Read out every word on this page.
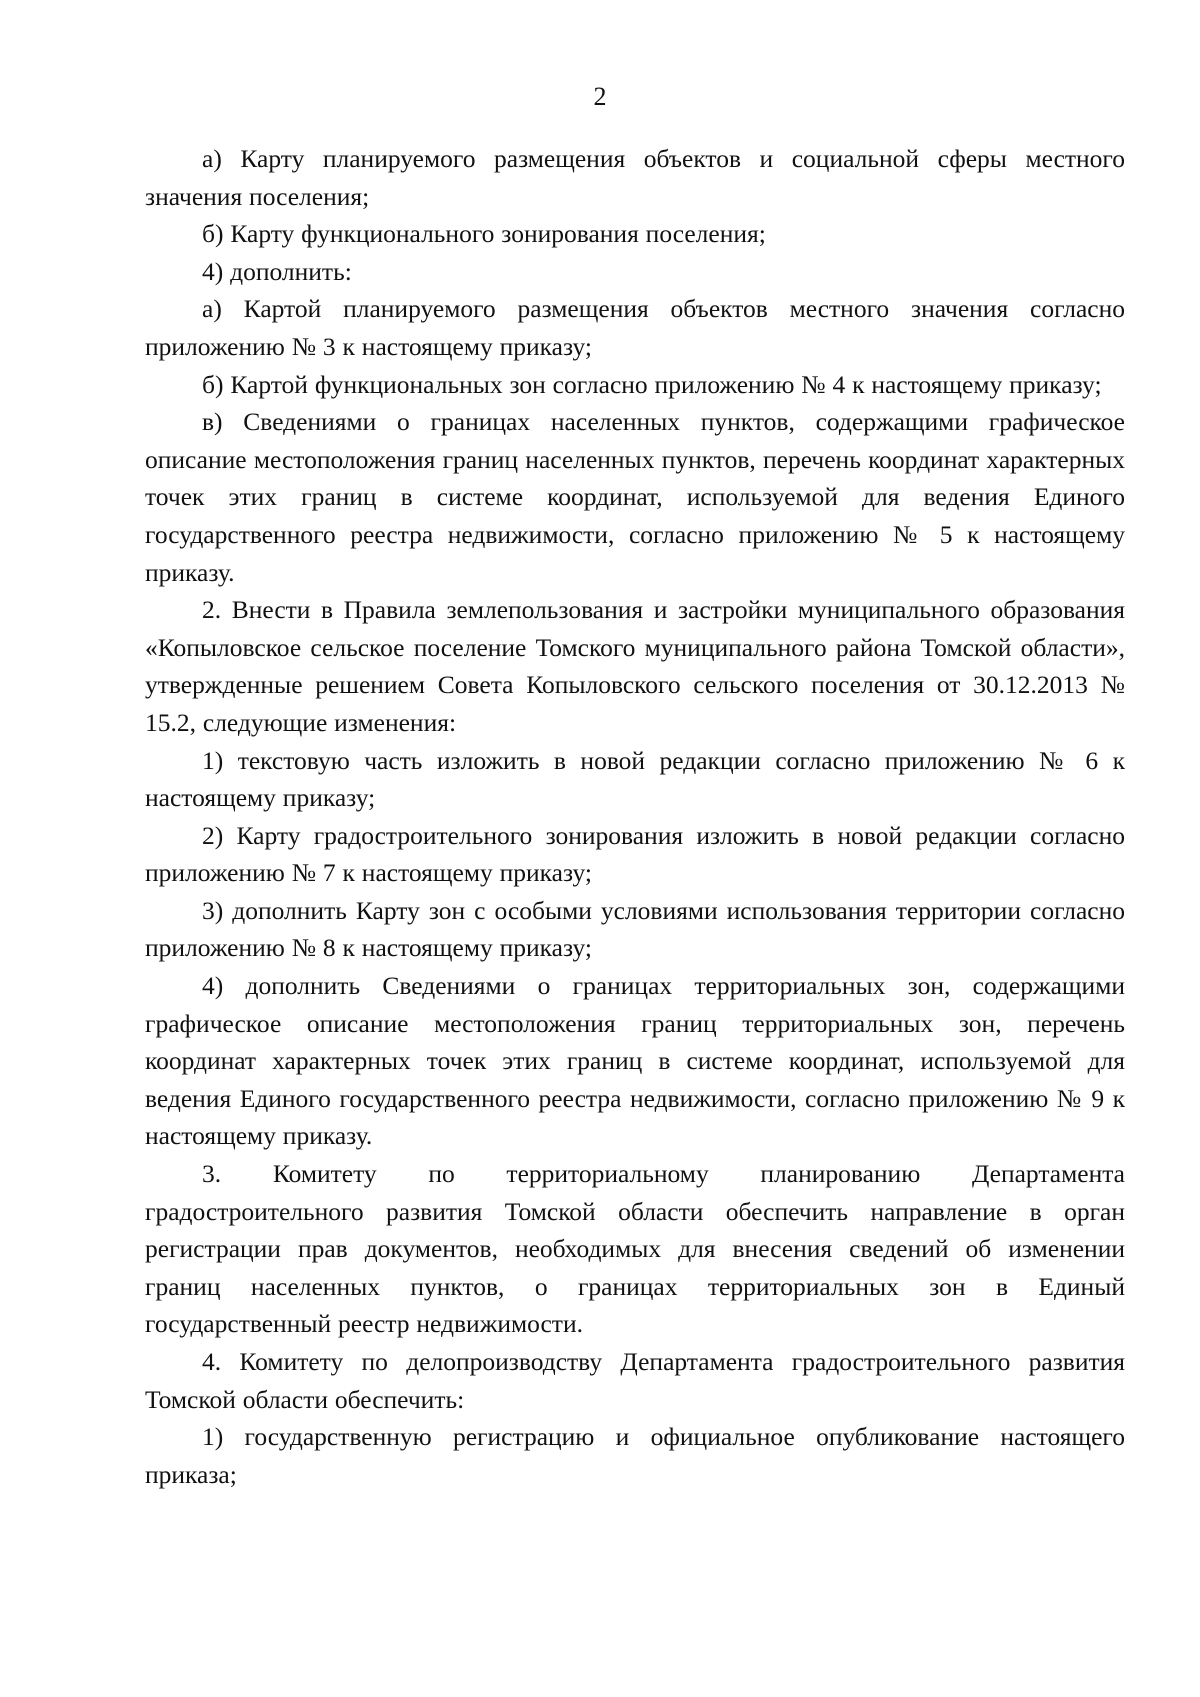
2

а) Карту планируемого размещения объектов и социальной сферы местного значения поселения;

б) Карту функционального зонирования поселения;

4) дополнить:

а) Картой планируемого размещения объектов местного значения согласно приложению № 3 к настоящему приказу;

б) Картой функциональных зон согласно приложению № 4 к настоящему приказу;

в) Сведениями о границах населенных пунктов, содержащими графическое описание местоположения границ населенных пунктов, перечень координат характерных точек этих границ в системе координат, используемой для ведения Единого государственного реестра недвижимости, согласно приложению № 5 к настоящему приказу.

2. Внести в Правила землепользования и застройки муниципального образования «Копыловское сельское поселение Томского муниципального района Томской области», утвержденные решением Совета Копыловского сельского поселения от 30.12.2013 № 15.2, следующие изменения:

1) текстовую часть изложить в новой редакции согласно приложению № 6 к настоящему приказу;

2) Карту градостроительного зонирования изложить в новой редакции согласно приложению № 7 к настоящему приказу;

3) дополнить Карту зон с особыми условиями использования территории согласно приложению № 8 к настоящему приказу;

4) дополнить Сведениями о границах территориальных зон, содержащими графическое описание местоположения границ территориальных зон, перечень координат характерных точек этих границ в системе координат, используемой для ведения Единого государственного реестра недвижимости, согласно приложению № 9 к настоящему приказу.

3. Комитету по территориальному планированию Департамента градостроительного развития Томской области обеспечить направление в орган регистрации прав документов, необходимых для внесения сведений об изменении границ населенных пунктов, о границах территориальных зон в Единый государственный реестр недвижимости.

4. Комитету по делопроизводству Департамента градостроительного развития Томской области обеспечить:

1) государственную регистрацию и официальное опубликование настоящего приказа;
